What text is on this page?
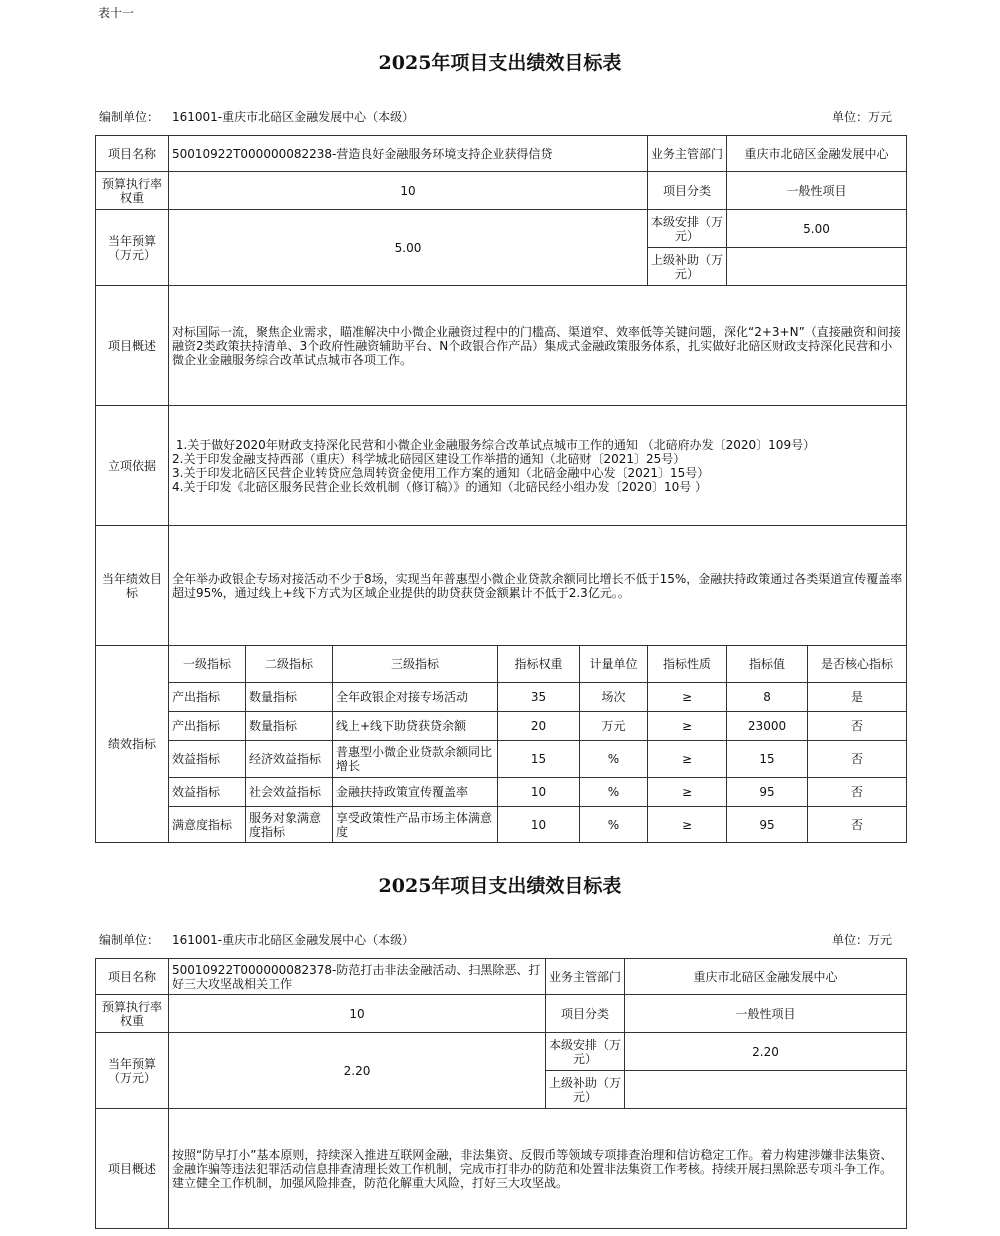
表十一
2025年项目支出绩效目标表
编制单位： 161001-重庆市北碚区金融发展中心（本级）	单位：万元
项目名称	50010922T000000082238-营造良好金融服务环境支持企业获得信贷					业务主管部门	重庆市北碚区金融发展中心	
预算执行率权重	10					项目分类	一般性项目	
当年预算（万元）	5.00					本级安排（万元）	5.00	
						上级补助（万元）		
项目概述	对标国际一流，聚焦企业需求，瞄准解决中小微企业融资过程中的门槛高、渠道窄、效率低等关键问题，深化“2+3+N”（直接融资和间接融资2类政策扶持清单、3个政府性融资辅助平台、N个政银合作产品）集成式金融政策服务体系，扎实做好北碚区财政支持深化民营和小微企业金融服务综合改革试点城市各项工作。							
立项依据	1.关于做好2020年财政支持深化民营和小微企业金融服务综合改革试点城市工作的通知 （北碚府办发〔2020〕109号）
2.关于印发金融支持西部（重庆）科学城北碚园区建设工作举措的通知（北碚财〔2021〕25号）
3.关于印发北碚区民营企业转贷应急周转资金使用工作方案的通知（北碚金融中心发〔2021〕15号）
4.关于印发《北碚区服务民营企业长效机制（修订稿）》的通知（北碚民经小组办发〔2020〕10号 ）							

当年绩效目标	全年举办政银企专场对接活动不少于8场，实现当年普惠型小微企业贷款余额同比增长不低于15%，金融扶持政策通过各类渠道宣传覆盖率超过95%，通过线上+线下方式为区域企业提供的助贷获贷金额累计不低于2.3亿元。。							
绩效指标	一级指标	二级指标	三级指标	指标权重	计量单位	指标性质	指标值	是否核心指标
	产出指标	数量指标	全年政银企对接专场活动	35	场次	≥	8	是
	产出指标	数量指标	线上+线下助贷获贷余额	20	万元	≥	23000	否
	效益指标	经济效益指标	普惠型小微企业贷款余额同比增长	15	%	≥	15	否
	效益指标	社会效益指标	金融扶持政策宣传覆盖率	10	%	≥	95	否
	满意度指标	服务对象满意度指标	享受政策性产品市场主体满意度	10	%	≥	95	否
2025年项目支出绩效目标表
编制单位： 161001-重庆市北碚区金融发展中心（本级）	单位：万元
项目名称	50010922T000000082378-防范打击非法金融活动、扫黑除恶、打好三大攻坚战相关工作	业务主管部门	重庆市北碚区金融发展中心
预算执行率权重	10	项目分类	一般性项目
当年预算（万元）	2.20	本级安排（万元）	2.20
		上级补助（万元）	
项目概述	按照“防早打小”基本原则，持续深入推进互联网金融，非法集资、反假币等领域专项排查治理和信访稳定工作。着力构建涉嫌非法集资、金融诈骗等违法犯罪活动信息排查清理长效工作机制，完成市打非办的防范和处置非法集资工作考核。持续开展扫黑除恶专项斗争工作。建立健全工作机制，加强风险排查，防范化解重大风险，打好三大攻坚战。		
